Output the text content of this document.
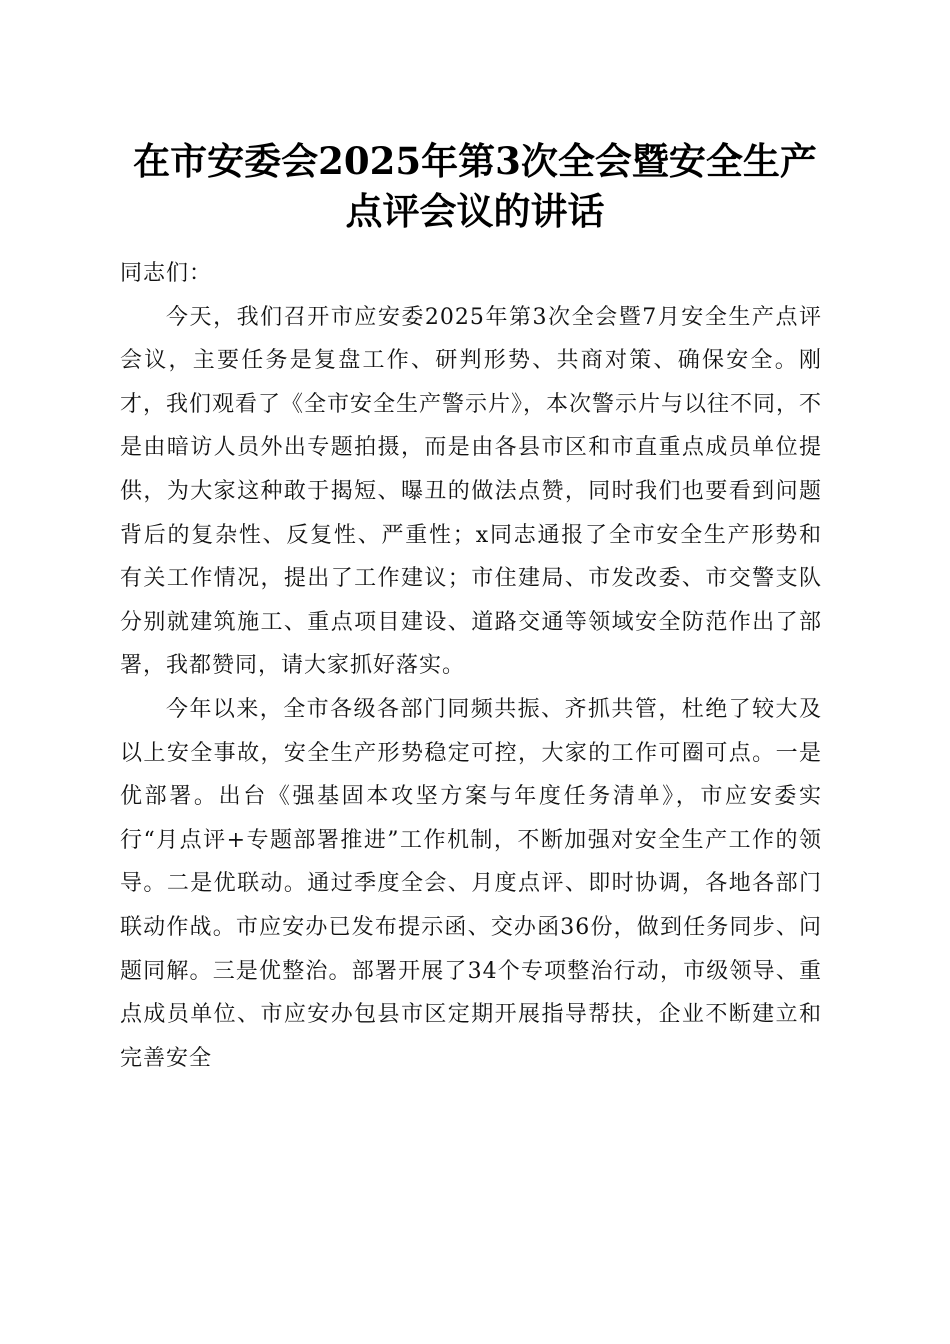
在市安委会2025年第3次全会暨安全生产点评会议的讲话

同志们：

今天，我们召开市应安委2025年第3次全会暨7月安全生产点评会议，主要任务是复盘工作、研判形势、共商对策、确保安全。刚才，我们观看了《全市安全生产警示片》，本次警示片与以往不同，不是由暗访人员外出专题拍摄，而是由各县市区和市直重点成员单位提供，为大家这种敢于揭短、曝丑的做法点赞，同时我们也要看到问题背后的复杂性、反复性、严重性；x同志通报了全市安全生产形势和有关工作情况，提出了工作建议；市住建局、市发改委、市交警支队分别就建筑施工、重点项目建设、道路交通等领域安全防范作出了部署，我都赞同，请大家抓好落实。

今年以来，全市各级各部门同频共振、齐抓共管，杜绝了较大及以上安全事故，安全生产形势稳定可控，大家的工作可圈可点。一是优部署。出台《强基固本攻坚方案与年度任务清单》，市应安委实行“月点评+专题部署推进”工作机制，不断加强对安全生产工作的领导。二是优联动。通过季度全会、月度点评、即时协调，各地各部门联动作战。市应安办已发布提示函、交办函36份，做到任务同步、问题同解。三是优整治。部署开展了34个专项整治行动，市级领导、重点成员单位、市应安办包县市区定期开展指导帮扶，企业不断建立和完善安全
